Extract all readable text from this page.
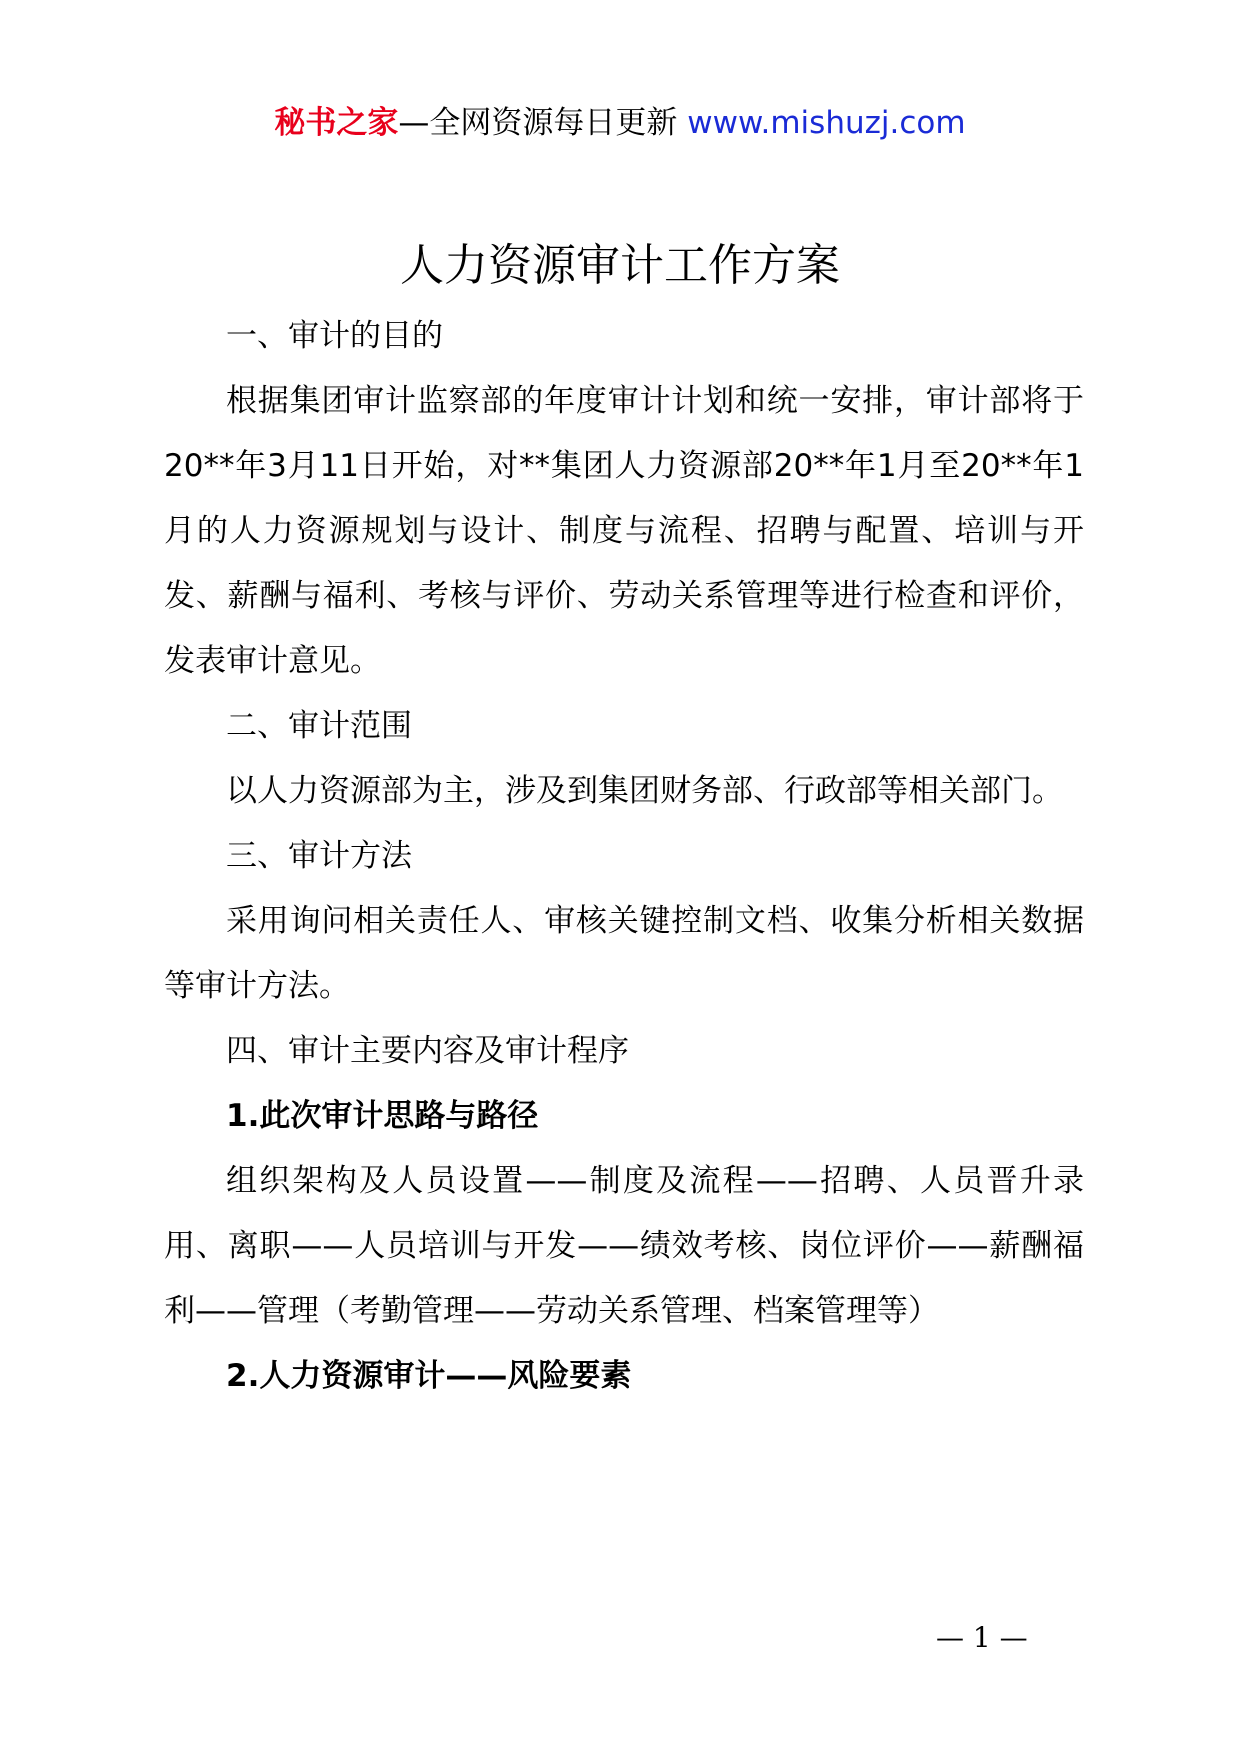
秘书之家—全网资源每日更新 www.mishuzj.com
人力资源审计工作方案

一、审计的目的

根据集团审计监察部的年度审计计划和统一安排，审计部将于20**年3月11日开始，对**集团人力资源部20**年1月至20**年1月的人力资源规划与设计、制度与流程、招聘与配置、培训与开发、薪酬与福利、考核与评价、劳动关系管理等进行检查和评价，发表审计意见。

二、审计范围

以人力资源部为主，涉及到集团财务部、行政部等相关部门。

三、审计方法

采用询问相关责任人、审核关键控制文档、收集分析相关数据等审计方法。

四、审计主要内容及审计程序

1.此次审计思路与路径

组织架构及人员设置——制度及流程——招聘、人员晋升录用、离职——人员培训与开发——绩效考核、岗位评价——薪酬福利——管理（考勤管理——劳动关系管理、档案管理等）

2.人力资源审计——风险要素

— 1 —
